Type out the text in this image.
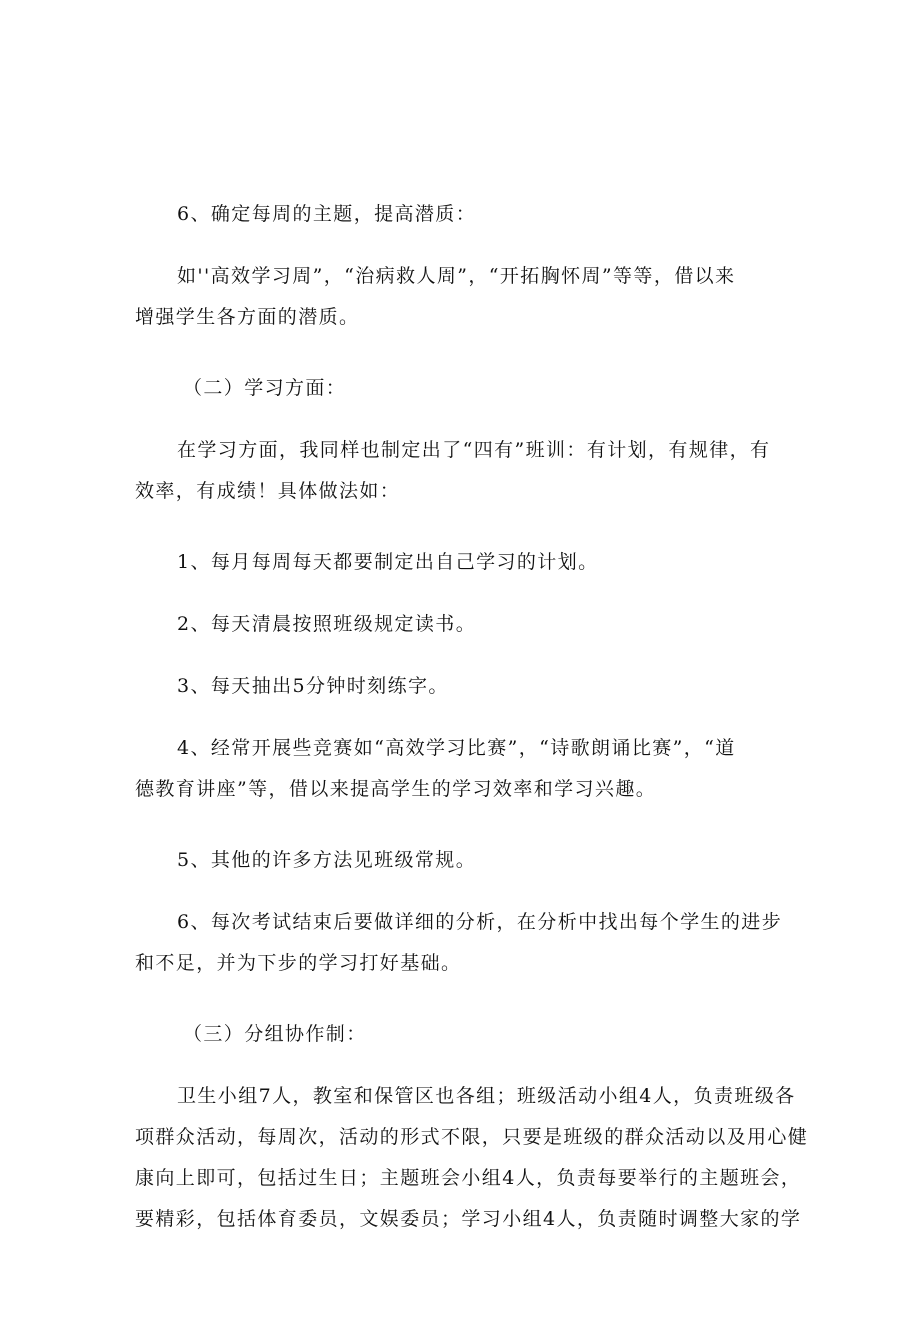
6、确定每周的主题，提高潜质：

如''高效学习周”，“治病救人周”，“开拓胸怀周”等等，借以来

增强学生各方面的潜质。

（二）学习方面：

在学习方面，我同样也制定出了“四有”班训：有计划，有规律，有

效率，有成绩！具体做法如：

1、每月每周每天都要制定出自己学习的计划。

2、每天清晨按照班级规定读书。

3、每天抽出5分钟时刻练字。

4、经常开展些竞赛如“高效学习比赛”，“诗歌朗诵比赛”，“道

德教育讲座”等，借以来提高学生的学习效率和学习兴趣。

5、其他的许多方法见班级常规。

6、每次考试结束后要做详细的分析，在分析中找出每个学生的进步

和不足，并为下步的学习打好基础。

（三）分组协作制：

卫生小组7人，教室和保管区也各组；班级活动小组4人，负责班级各

项群众活动，每周次，活动的形式不限，只要是班级的群众活动以及用心健

康向上即可，包括过生日；主题班会小组4人，负责每要举行的主题班会，

要精彩，包括体育委员，文娱委员；学习小组4人，负责随时调整大家的学
